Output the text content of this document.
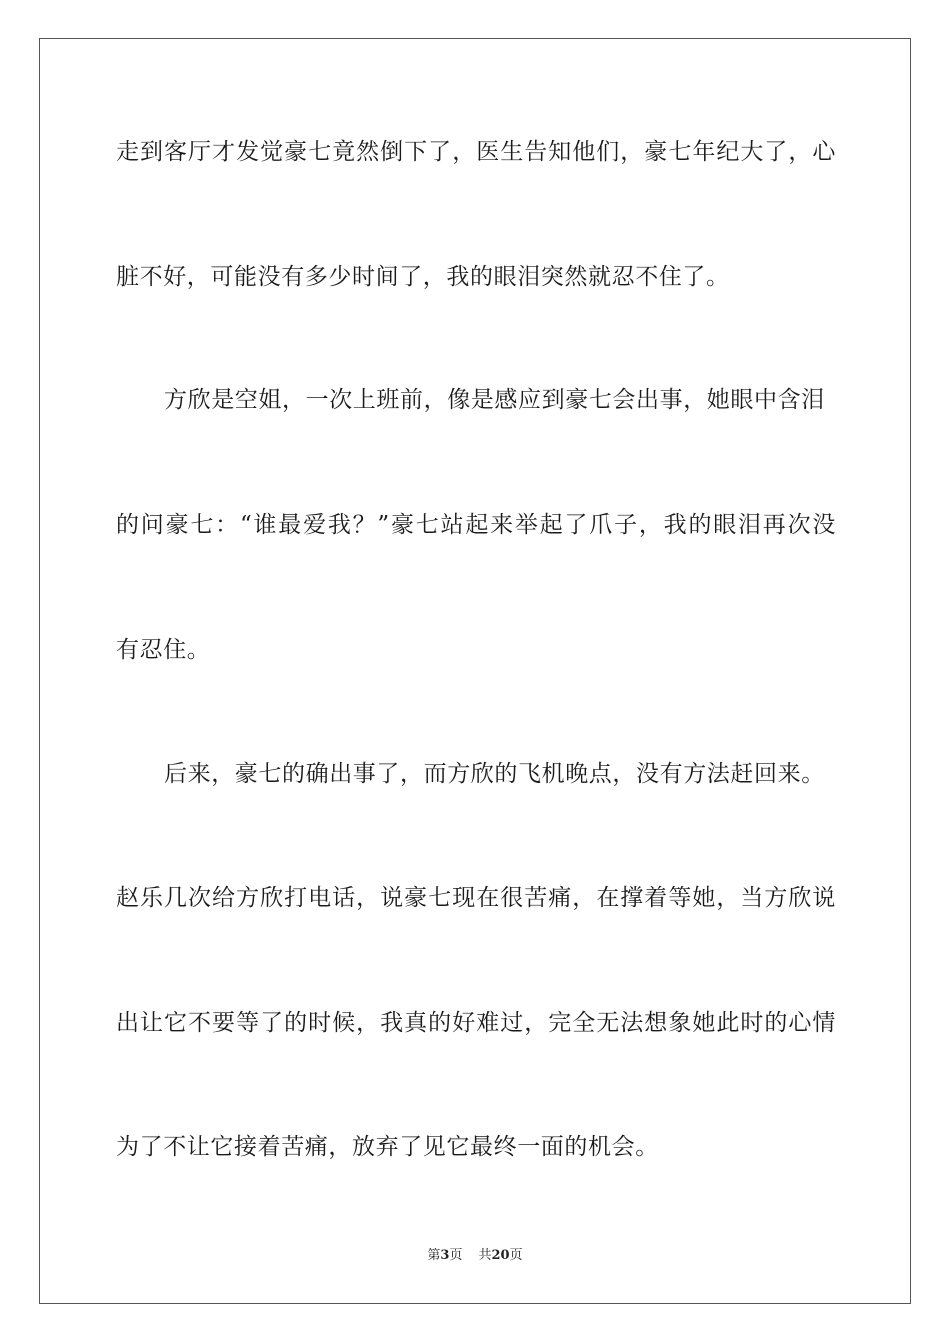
走到客厅才发觉豪七竟然倒下了，医生告知他们，豪七年纪大了，心
脏不好，可能没有多少时间了，我的眼泪突然就忍不住了。
方欣是空姐，一次上班前，像是感应到豪七会出事，她眼中含泪
的问豪七：“谁最爱我？”豪七站起来举起了爪子，我的眼泪再次没
有忍住。
后来，豪七的确出事了，而方欣的飞机晚点，没有方法赶回来。
赵乐几次给方欣打电话，说豪七现在很苦痛，在撑着等她，当方欣说
出让它不要等了的时候，我真的好难过，完全无法想象她此时的心情
为了不让它接着苦痛，放弃了见它最终一面的机会。
第3页 共20页
